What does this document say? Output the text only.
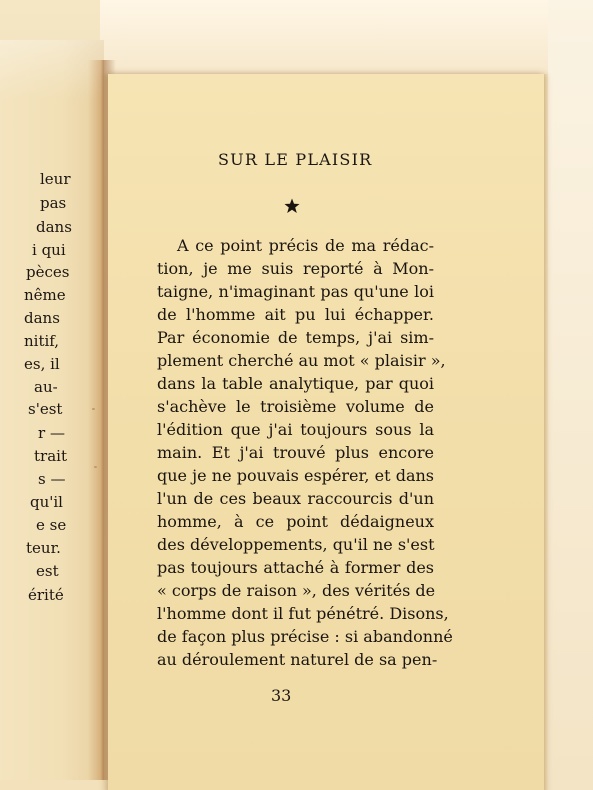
leur

pas

dans

i qui

pèces

nême

dans

nitif,

es, il

au-

s'est

r —

trait

s —

qu'il

e se

teur.

est

érité

SUR LE PLAISIR

A ce point précis de ma rédac-

tion, je me suis reporté à Mon-

taigne, n'imaginant pas qu'une loi

de l'homme ait pu lui échapper.

Par économie de temps, j'ai sim-

plement cherché au mot « plaisir »,

dans la table analytique, par quoi

s'achève le troisième volume de

l'édition que j'ai toujours sous la

main. Et j'ai trouvé plus encore

que je ne pouvais espérer, et dans

l'un de ces beaux raccourcis d'un

homme, à ce point dédaigneux

des développements, qu'il ne s'est

pas toujours attaché à former des

« corps de raison », des vérités de

l'homme dont il fut pénétré. Disons,

de façon plus précise : si abandonné

au déroulement naturel de sa pen-

33
